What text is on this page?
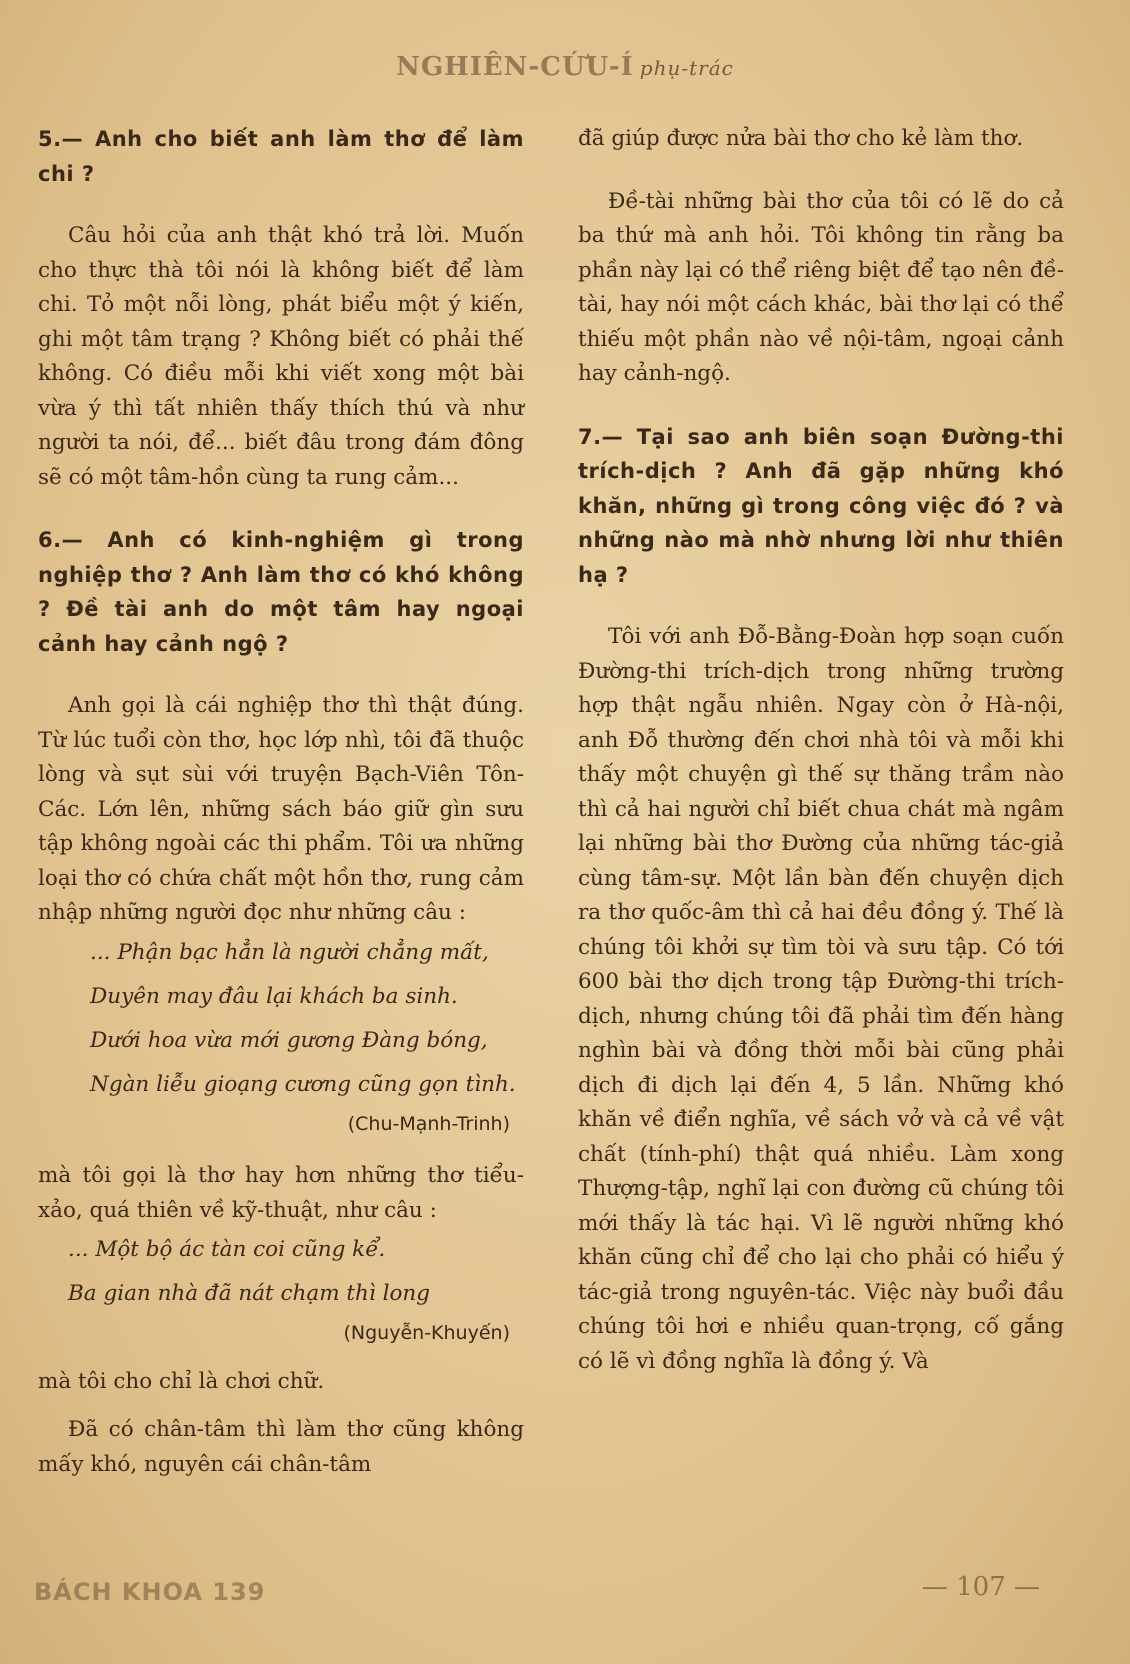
NGHIÊN-CỨU-Í phụ-trác

5.— Anh cho biết anh làm thơ để làm chi ?

Câu hỏi của anh thật khó trả lời. Muốn cho thực thà tôi nói là không biết để làm chi. Tỏ một nỗi lòng, phát biểu một ý kiến, ghi một tâm trạng ? Không biết có phải thế không. Có điều mỗi khi viết xong một bài vừa ý thì tất nhiên thấy thích thú và như người ta nói, để... biết đâu trong đám đông sẽ có một tâm-hồn cùng ta rung cảm...

6.— Anh có kinh-nghiệm gì trong nghiệp thơ ? Anh làm thơ có khó không ? Đề tài anh do một tâm hay ngoại cảnh hay cảnh ngộ ?

Anh gọi là cái nghiệp thơ thì thật đúng. Từ lúc tuổi còn thơ, học lớp nhì, tôi đã thuộc lòng và sụt sùi với truyện Bạch-Viên Tôn-Các. Lớn lên, những sách báo giữ gìn sưu tập không ngoài các thi phẩm. Tôi ưa những loại thơ có chứa chất một hồn thơ, rung cảm nhập những người đọc như những câu :

... Phận bạc hẳn là người chẳng mất,

Duyên may đâu lại khách ba sinh.

Dưới hoa vừa mới gương Đàng bóng,

Ngàn liễu gioạng cương cũng gọn tình.

(Chu-Mạnh-Trinh)

mà tôi gọi là thơ hay hơn những thơ tiểu-xảo, quá thiên về kỹ-thuật, như câu :

... Một bộ ác tàn coi cũng kể.

Ba gian nhà đã nát chạm thì long

(Nguyễn-Khuyến)

mà tôi cho chỉ là chơi chữ.

Đã có chân-tâm thì làm thơ cũng không mấy khó, nguyên cái chân-tâm

đã giúp được nửa bài thơ cho kẻ làm thơ.

Đề-tài những bài thơ của tôi có lẽ do cả ba thứ mà anh hỏi. Tôi không tin rằng ba phần này lại có thể riêng biệt để tạo nên đề-tài, hay nói một cách khác, bài thơ lại có thể thiếu một phần nào về nội-tâm, ngoại cảnh hay cảnh-ngộ.

7.— Tại sao anh biên soạn Đường-thi trích-dịch ? Anh đã gặp những khó khăn, những gì trong công việc đó ? và những nào mà nhờ nhưng lời như thiên hạ ?

Tôi với anh Đỗ-Bằng-Đoàn hợp soạn cuốn Đường-thi trích-dịch trong những trường hợp thật ngẫu nhiên. Ngay còn ở Hà-nội, anh Đỗ thường đến chơi nhà tôi và mỗi khi thấy một chuyện gì thế sự thăng trầm nào thì cả hai người chỉ biết chua chát mà ngâm lại những bài thơ Đường của những tác-giả cùng tâm-sự. Một lần bàn đến chuyện dịch ra thơ quốc-âm thì cả hai đều đồng ý. Thế là chúng tôi khởi sự tìm tòi và sưu tập. Có tới 600 bài thơ dịch trong tập Đường-thi trích-dịch, nhưng chúng tôi đã phải tìm đến hàng nghìn bài và đồng thời mỗi bài cũng phải dịch đi dịch lại đến 4, 5 lần. Những khó khăn về điển nghĩa, về sách vở và cả về vật chất (tính-phí) thật quá nhiều. Làm xong Thượng-tập, nghĩ lại con đường cũ chúng tôi mới thấy là tác hại. Vì lẽ người những khó khăn cũng chỉ để cho lại cho phải có hiểu ý tác-giả trong nguyên-tác. Việc này buổi đầu chúng tôi hơi e nhiều quan-trọng, cố gắng có lẽ vì đồng nghĩa là đồng ý. Và

BÁCH KHOA 139	— 107 —
